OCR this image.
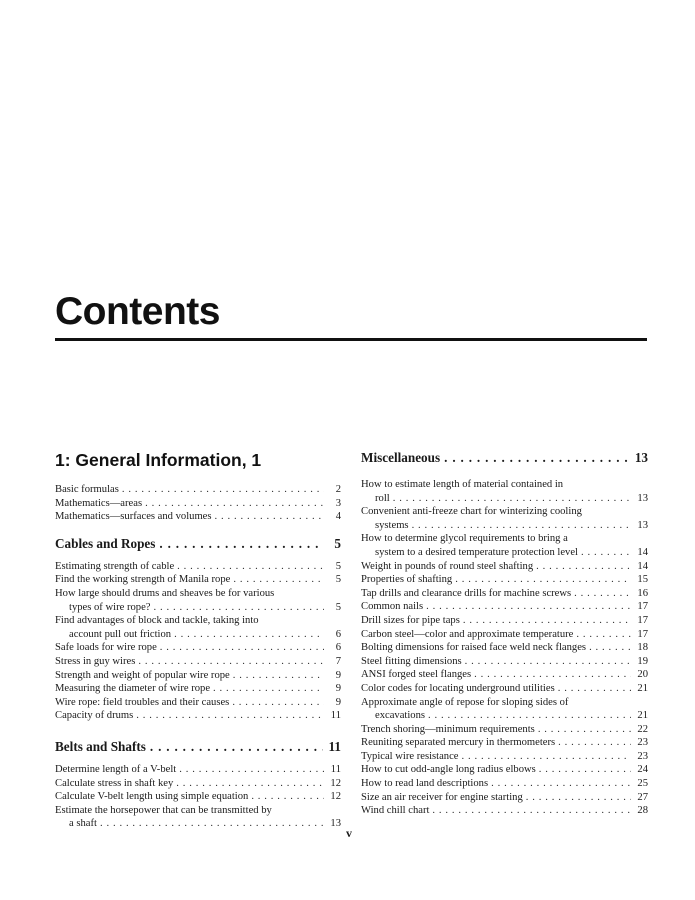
Contents
1: General Information, 1
Basic formulas . . .	2
Mathematics—areas . . .	3
Mathematics—surfaces and volumes . . .	4
Cables and Ropes . . .	5
Estimating strength of cable . . .	5
Find the working strength of Manila rope . . .	5
How large should drums and sheaves be for various
types of wire rope? . . .	5
Find advantages of block and tackle, taking into
account pull out friction . . .	6
Safe loads for wire rope . . .	6
Stress in guy wires . . .	7
Strength and weight of popular wire rope . . .	9
Measuring the diameter of wire rope . . .	9
Wire rope: field troubles and their causes . . .	9
Capacity of drums . . .	11
Belts and Shafts . . .	11
Determine length of a V-belt . . .	11
Calculate stress in shaft key . . .	12
Calculate V-belt length using simple equation . . .	12
Estimate the horsepower that can be transmitted by
a shaft . . .	13
Miscellaneous . . .	13
How to estimate length of material contained in
roll . . .	13
Convenient anti-freeze chart for winterizing cooling
systems . . .	13
How to determine glycol requirements to bring a
system to a desired temperature protection level . . .	14
Weight in pounds of round steel shafting . . .	14
Properties of shafting . . .	15
Tap drills and clearance drills for machine screws . . .	16
Common nails . . .	17
Drill sizes for pipe taps . . .	17
Carbon steel—color and approximate temperature . . .	17
Bolting dimensions for raised face weld neck flanges . . .	18
Steel fitting dimensions . . .	19
ANSI forged steel flanges . . .	20
Color codes for locating underground utilities . . .	21
Approximate angle of repose for sloping sides of
excavations . . .	21
Trench shoring—minimum requirements . . .	22
Reuniting separated mercury in thermometers . . .	23
Typical wire resistance . . .	23
How to cut odd-angle long radius elbows . . .	24
How to read land descriptions . . .	25
Size an air receiver for engine starting . . .	27
Wind chill chart . . .	28
v
